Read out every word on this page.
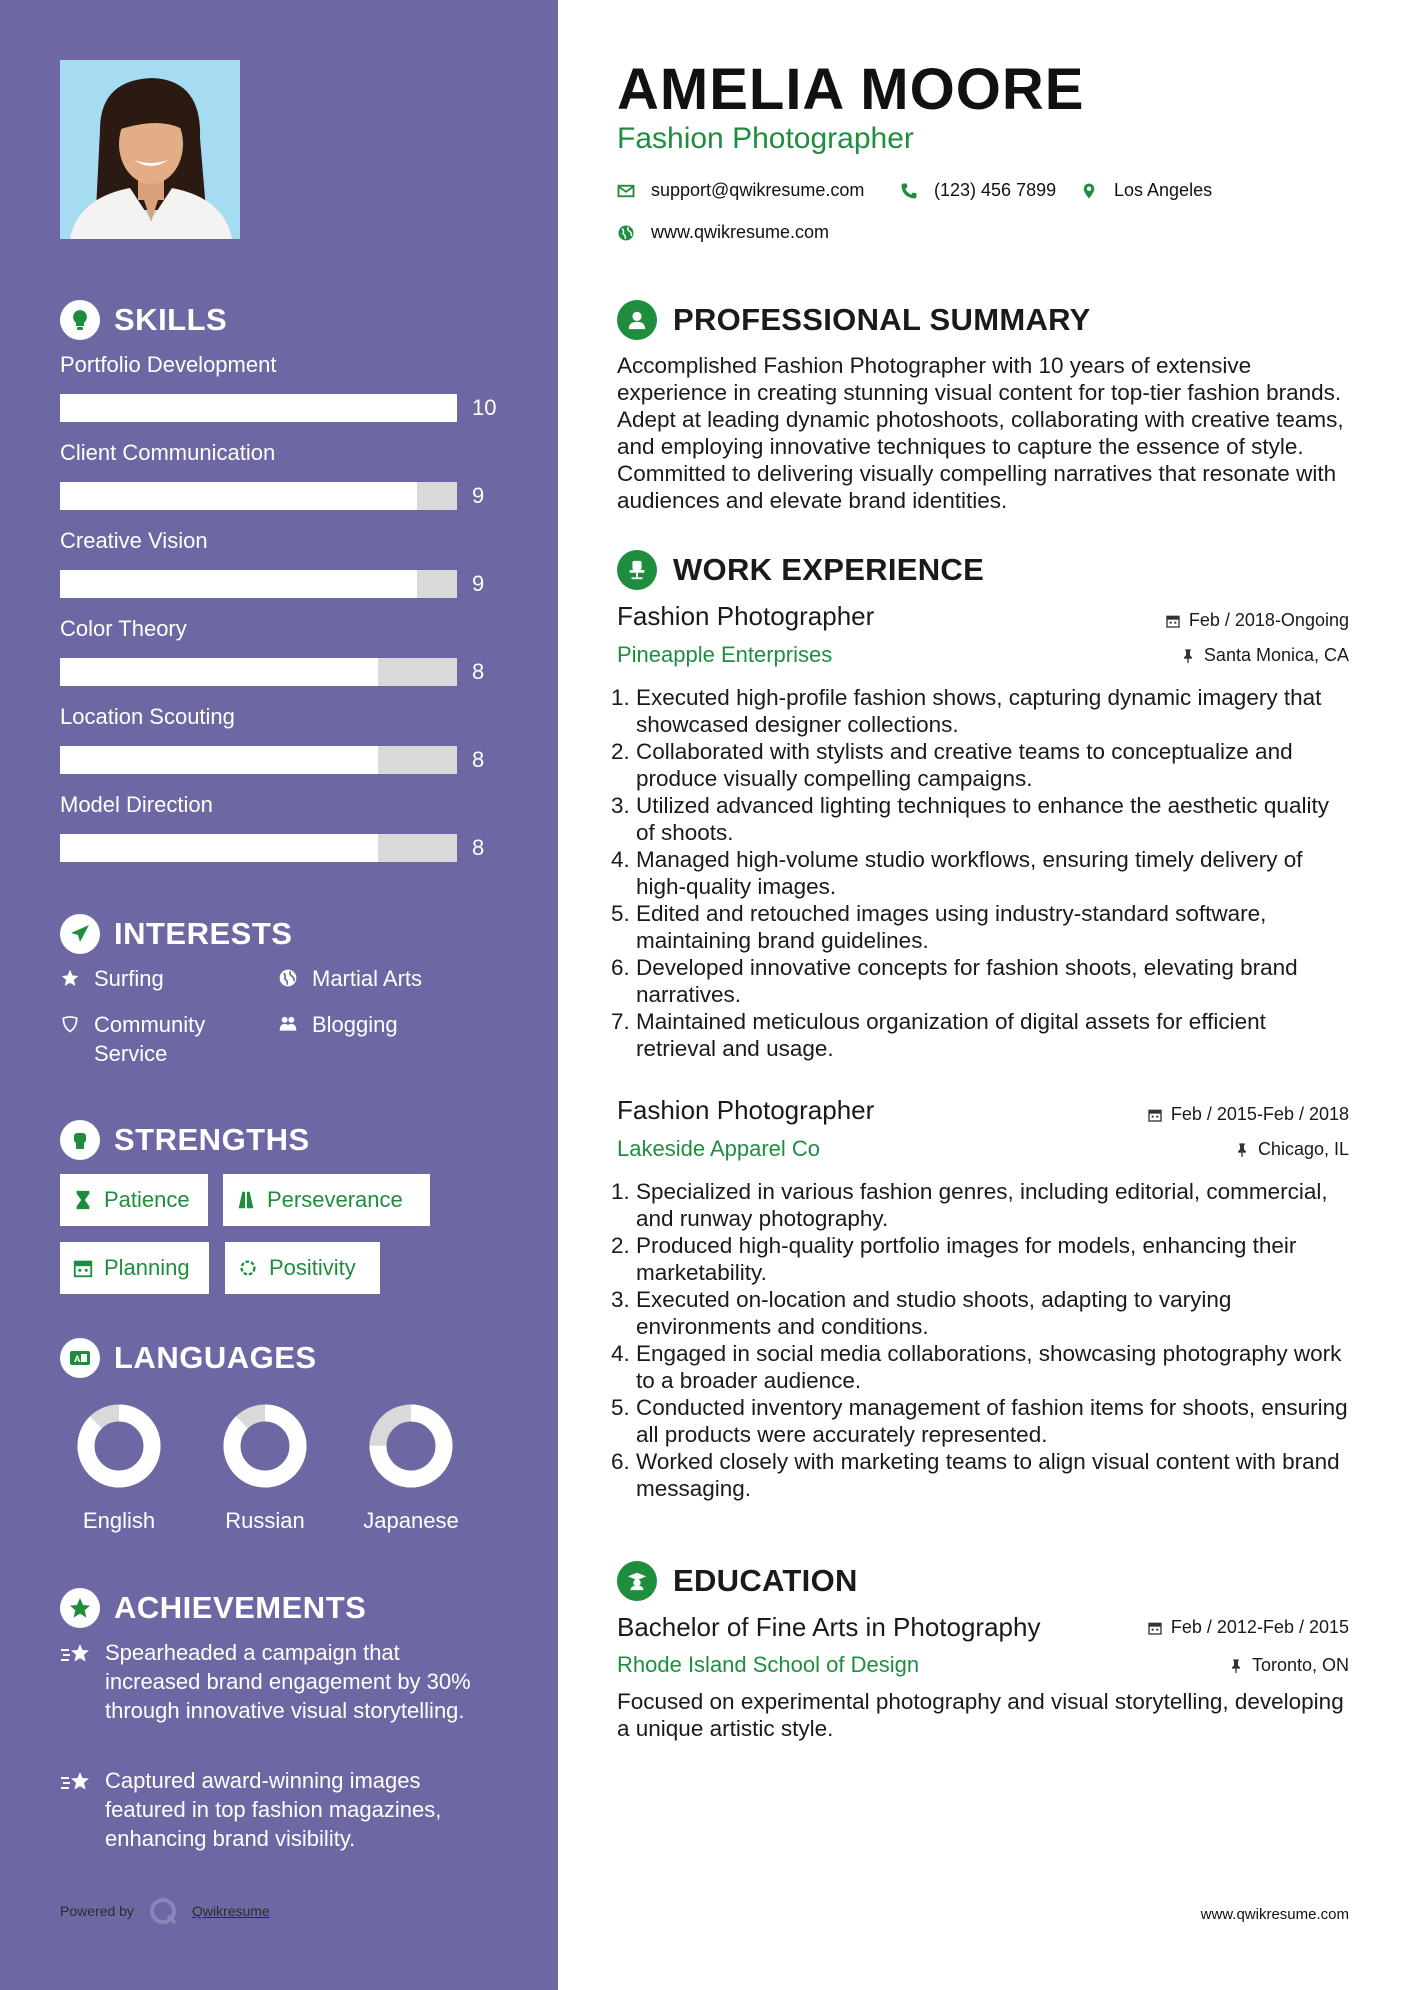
SKILLS
Portfolio Development
10
Client Communication
9
Creative Vision
9
Color Theory
8
Location Scouting
8
Model Direction
8
INTERESTS
Surfing	Martial Arts
Community Service
Blogging
STRENGTHS
Patience	Perseverance
Planning	Positivity
A LANGUAGES
English	Russian	Japanese
ACHIEVEMENTS
Spearheaded a campaign that increased brand engagement by 30% through innovative visual storytelling.
Captured award-winning images featured in top fashion magazines, enhancing brand visibility.
Powered by	Qwikresume
AMELIA MOORE
Fashion Photographer
support@qwikresume.com	(123) 456 7899	Los Angeles
www.qwikresume.com
PROFESSIONAL SUMMARY
Accomplished Fashion Photographer with 10 years of extensive experience in creating stunning visual content for top-tier fashion brands. Adept at leading dynamic photoshoots, collaborating with creative teams, and employing innovative techniques to capture the essence of style. Committed to delivering visually compelling narratives that resonate with audiences and elevate brand identities.
WORK EXPERIENCE
Fashion Photographer	Feb / 2018-Ongoing
Pineapple Enterprises	Santa Monica, CA
1. Executed high-profile fashion shows, capturing dynamic imagery that showcased designer collections.
2. Collaborated with stylists and creative teams to conceptualize and produce visually compelling campaigns.
3. Utilized advanced lighting techniques to enhance the aesthetic quality of shoots.
4. Managed high-volume studio workflows, ensuring timely delivery of high-quality images.
5. Edited and retouched images using industry-standard software, maintaining brand guidelines.
6. Developed innovative concepts for fashion shoots, elevating brand narratives.
7. Maintained meticulous organization of digital assets for efficient retrieval and usage.
Fashion Photographer	Feb / 2015-Feb / 2018
Lakeside Apparel Co	Chicago, IL
1. Specialized in various fashion genres, including editorial, commercial, and runway photography.
2. Produced high-quality portfolio images for models, enhancing their marketability.
3. Executed on-location and studio shoots, adapting to varying environments and conditions.
4. Engaged in social media collaborations, showcasing photography work to a broader audience.
5. Conducted inventory management of fashion items for shoots, ensuring all products were accurately represented.
6. Worked closely with marketing teams to align visual content with brand messaging.
EDUCATION
Bachelor of Fine Arts in Photography	Feb / 2012-Feb / 2015
Rhode Island School of Design	Toronto, ON
Focused on experimental photography and visual storytelling, developing a unique artistic style.
www.qwikresume.com
